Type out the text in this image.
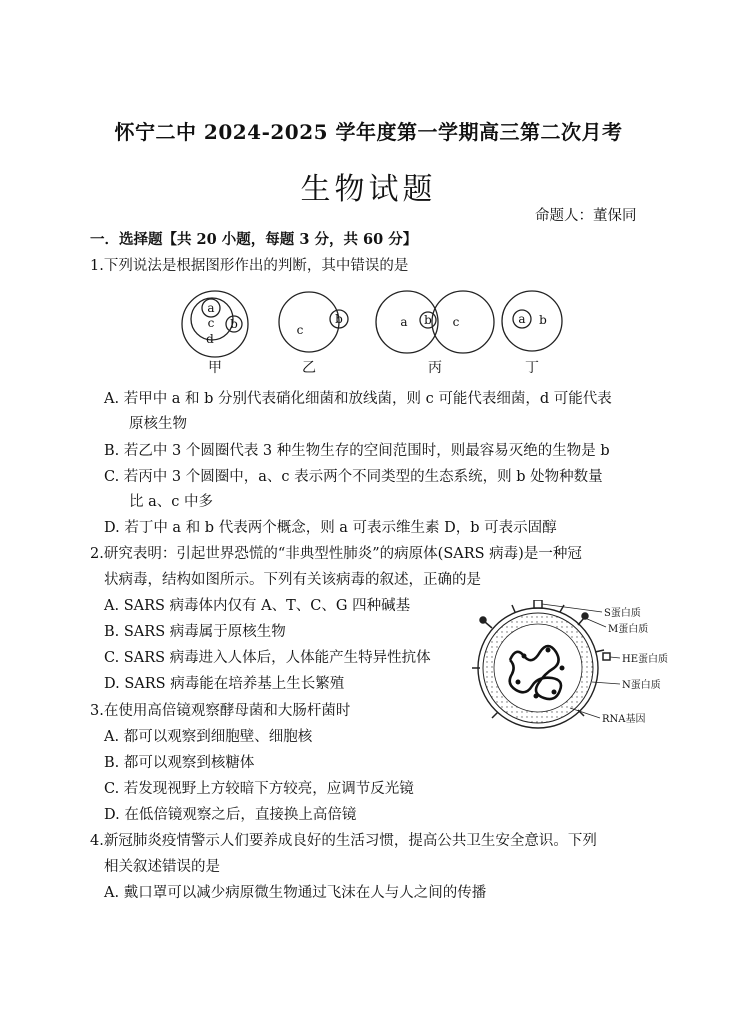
怀宁二中 2024-2025 学年度第一学期高三第二次月考
生物试题
命题人：董保同
一．选择题【共 20 小题，每题 3 分，共 60 分】
1.下列说法是根据图形作出的判断，其中错误的是
a
c b
d
c
b	a b c	a b
甲	乙	丙	丁
A. 若甲中 a 和 b 分别代表硝化细菌和放线菌，则 c 可能代表细菌，d 可能代表
原核生物
B. 若乙中 3 个圆圈代表 3 种生物生存的空间范围时，则最容易灭绝的生物是 b
C. 若丙中 3 个圆圈中，a、c 表示两个不同类型的生态系统，则 b 处物种数量
比 a、c 中多
D. 若丁中 a 和 b 代表两个概念，则 a 可表示维生素 D，b 可表示固醇
2.研究表明：引起世界恐慌的“非典型性肺炎”的病原体(SARS 病毒)是一种冠
状病毒，结构如图所示。下列有关该病毒的叙述，正确的是
A. SARS 病毒体内仅有 A、T、C、G 四种碱基
B. SARS 病毒属于原核生物
C. SARS 病毒进入人体后，人体能产生特异性抗体
D. SARS 病毒能在培养基上生长繁殖
S蛋白质
M蛋白质
HE蛋白质
N蛋白质
RNA基因
3.在使用高倍镜观察酵母菌和大肠杆菌时
A. 都可以观察到细胞壁、细胞核
B. 都可以观察到核糖体
C. 若发现视野上方较暗下方较亮，应调节反光镜
D. 在低倍镜观察之后，直接换上高倍镜
4.新冠肺炎疫情警示人们要养成良好的生活习惯，提高公共卫生安全意识。下列
相关叙述错误的是
A. 戴口罩可以减少病原微生物通过飞沫在人与人之间的传播
